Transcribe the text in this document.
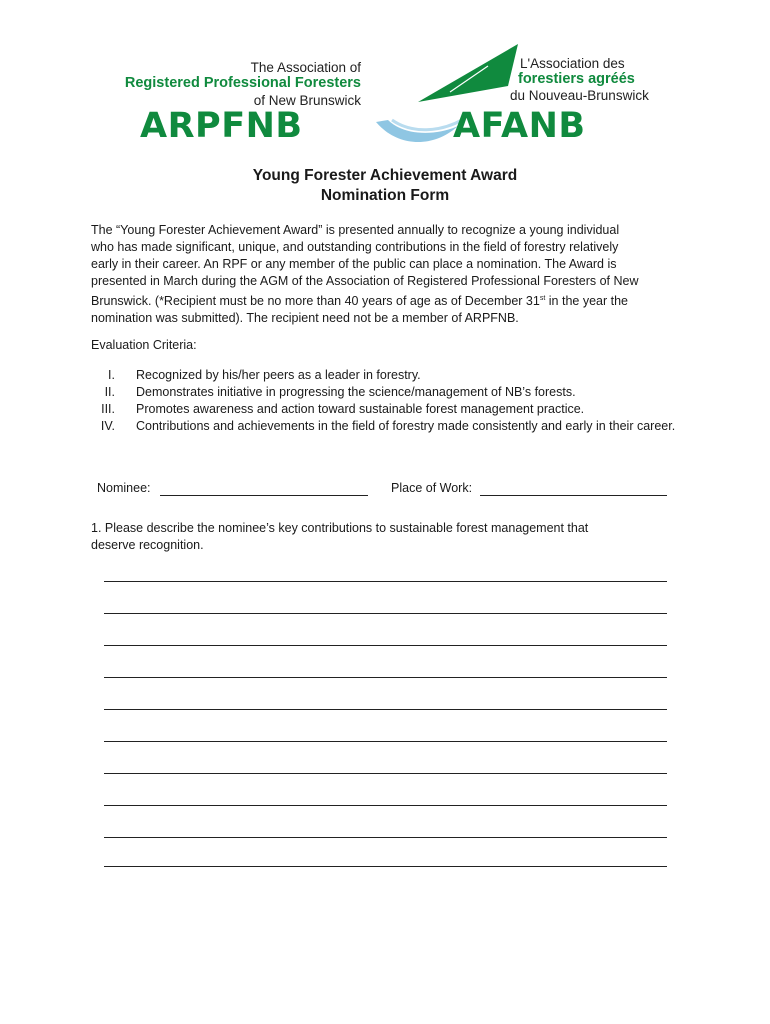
The Association of
Registered Professional Foresters
of New Brunswick
L'Association des
forestiers agréés
du Nouveau-Brunswick
ARPFNB	AFANB
Young Forester Achievement Award
Nomination Form
The “Young Forester Achievement Award” is presented annually to recognize a young individual
who has made significant, unique, and outstanding contributions in the field of forestry relatively
early in their career. An RPF or any member of the public can place a nomination. The Award is
presented in March during the AGM of the Association of Registered Professional Foresters of New
Brunswick. (*Recipient must be no more than 40 years of age as of December 31st in the year the
nomination was submitted). The recipient need not be a member of ARPFNB.
Evaluation Criteria:
I. Recognized by his/her peers as a leader in forestry.
II. Demonstrates initiative in progressing the science/management of NB’s forests.
III. Promotes awareness and action toward sustainable forest management practice.
IV. Contributions and achievements in the field of forestry made consistently and early in their career.
Nominee:	Place of Work:
1. Please describe the nominee’s key contributions to sustainable forest management that
deserve recognition.
